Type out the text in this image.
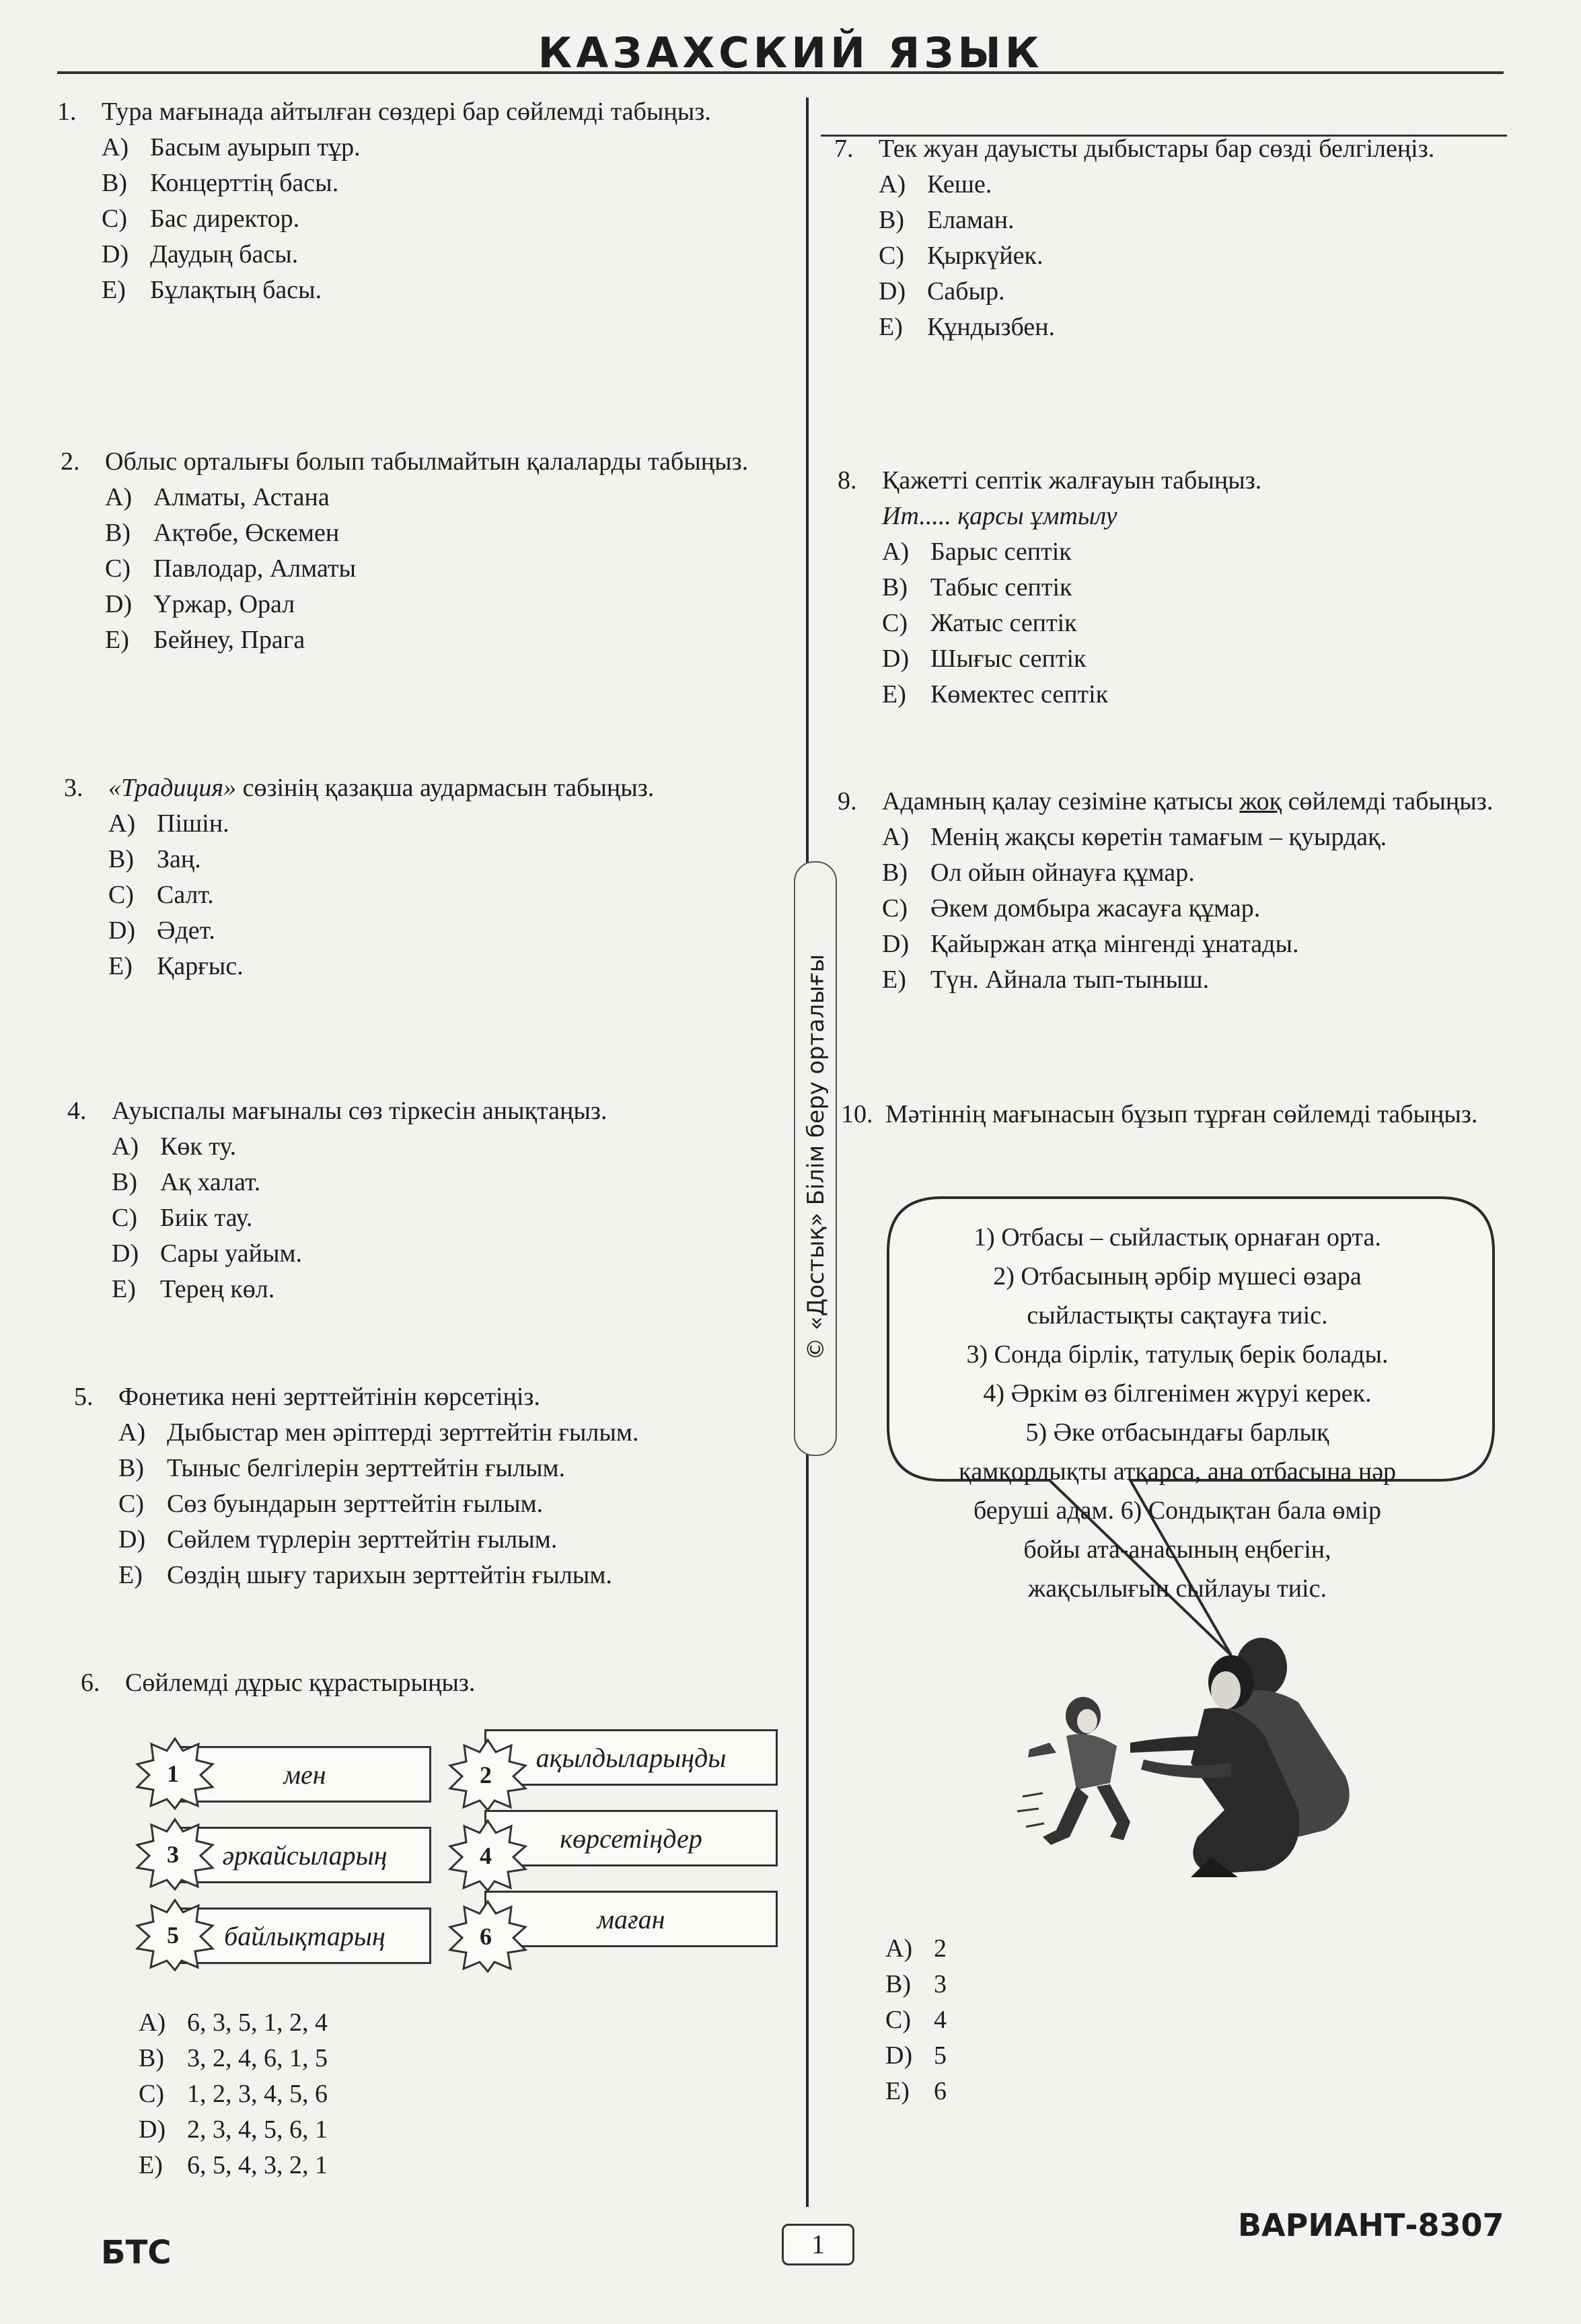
КАЗАХСКИЙ ЯЗЫК
© «Достық» Білім беру орталығы
1. Тура мағынада айтылған сөздері бар сөйлемді табыңыз.
A) Басым ауырып тұр.
B) Концерттің басы.
C) Бас директор.
D) Даудың басы.
E) Бұлақтың басы.
2. Облыс орталығы болып табылмайтын қалаларды табыңыз.
A) Алматы, Астана
B) Ақтөбе, Өскемен
C) Павлодар, Алматы
D) Үржар, Орал
E) Бейнеу, Прага
3. «Традиция» сөзінің қазақша аудармасын табыңыз.
A) Пішін.
B) Заң.
C) Салт.
D) Әдет.
E) Қарғыс.
4. Ауыспалы мағыналы сөз тіркесін анықтаңыз.
A) Көк ту.
B) Ақ халат.
C) Биік тау.
D) Сары уайым.
E) Терең көл.
5. Фонетика нені зерттейтінін көрсетіңіз.
A) Дыбыстар мен әріптерді зерттейтін ғылым.
B) Тыныс белгілерін зерттейтін ғылым.
C) Сөз буындарын зерттейтін ғылым.
D) Сөйлем түрлерін зерттейтін ғылым.
E) Сөздің шығу тарихын зерттейтін ғылым.
6. Сөйлемді дұрыс құрастырыңыз.
мен
1
ақылдыларыңды
2
әркайсыларың
3
көрсетіңдер
4
байлықтарың
5
маған
6
A) 6, 3, 5, 1, 2, 4
B) 3, 2, 4, 6, 1, 5
C) 1, 2, 3, 4, 5, 6
D) 2, 3, 4, 5, 6, 1
E) 6, 5, 4, 3, 2, 1
7. Тек жуан дауысты дыбыстары бар сөзді белгілеңіз.
A) Кеше.
B) Еламан.
C) Қыркүйек.
D) Сабыр.
E) Құндызбен.
8. Қажетті септік жалғауын табыңыз.
Ит..... қарсы ұмтылу
A) Барыс септік
B) Табыс септік
C) Жатыс септік
D) Шығыс септік
E) Көмектес септік
9. Адамның қалау сезіміне қатысы жоқ сөйлемді табыңыз.
A) Менің жақсы көретін тамағым – қуырдақ.
B) Ол ойын ойнауға құмар.
C) Әкем домбыра жасауға құмар.
D) Қайыржан атқа мінгенді ұнатады.
E) Түн. Айнала тып-тыныш.
10. Мәтіннің мағынасын бұзып тұрған сөйлемді табыңыз.
1) Отбасы – сыйластық орнаған орта.
2) Отбасының әрбір мүшесі өзара
сыйластықты сақтауға тиіс.
3) Сонда бірлік, татулық берік болады.
4) Әркім өз білгенімен жүруі керек.
5) Әке отбасындағы барлық
қамқорлықты атқарса, ана отбасына нәр
беруші адам. 6) Сондықтан бала өмір
бойы ата-анасының еңбегін,
жақсылығын сыйлауы тиіс.
A) 2
B) 3
C) 4
D) 5
E) 6
БТС	1
ВАРИАНТ-8307
